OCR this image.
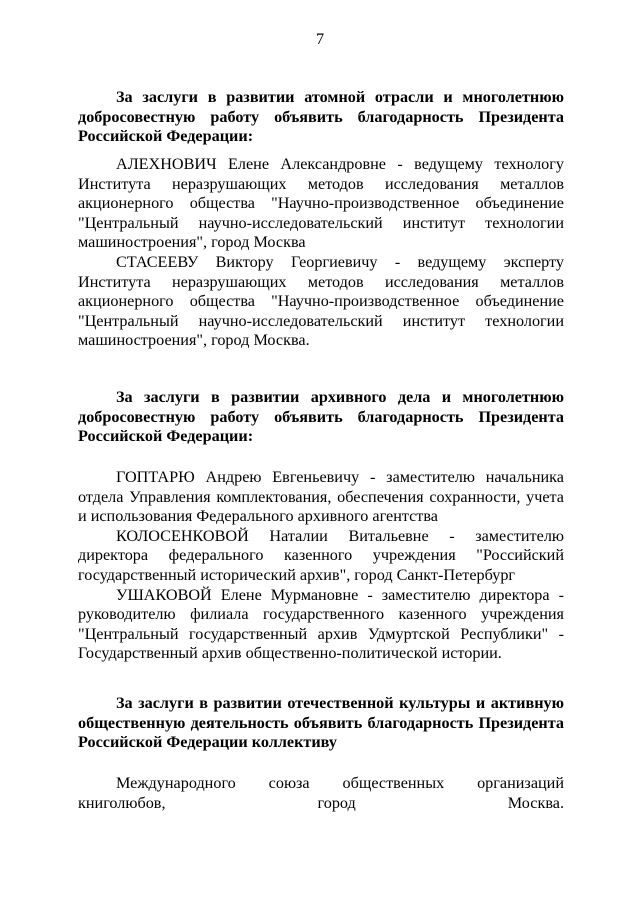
7
За заслуги в развитии атомной отрасли и многолетнюю добросовестную работу объявить благодарность Президента Российской Федерации:

АЛЕХНОВИЧ Елене Александровне - ведущему технологу Института неразрушающих методов исследования металлов акционерного общества "Научно-производственное объединение "Центральный научно-исследовательский институт технологии машиностроения", город Москва

СТАСЕЕВУ Виктору Георгиевичу - ведущему эксперту Института неразрушающих методов исследования металлов акционерного общества "Научно-производственное объединение "Центральный научно-исследовательский институт технологии машиностроения", город Москва.

За заслуги в развитии архивного дела и многолетнюю добросовестную работу объявить благодарность Президента Российской Федерации:

ГОПТАРЮ Андрею Евгеньевичу - заместителю начальника отдела Управления комплектования, обеспечения сохранности, учета и использования Федерального архивного агентства

КОЛОСЕНКОВОЙ Наталии Витальевне - заместителю директора федерального казенного учреждения "Российский государственный исторический архив", город Санкт-Петербург

УШАКОВОЙ Елене Мурмановне - заместителю директора - руководителю филиала государственного казенного учреждения "Центральный государственный архив Удмуртской Республики" - Государственный архив общественно-политической истории.

За заслуги в развитии отечественной культуры и активную общественную деятельность объявить благодарность Президента Российской Федерации коллективу

Международного союза общественных организаций

книголюбов, город Москва.
